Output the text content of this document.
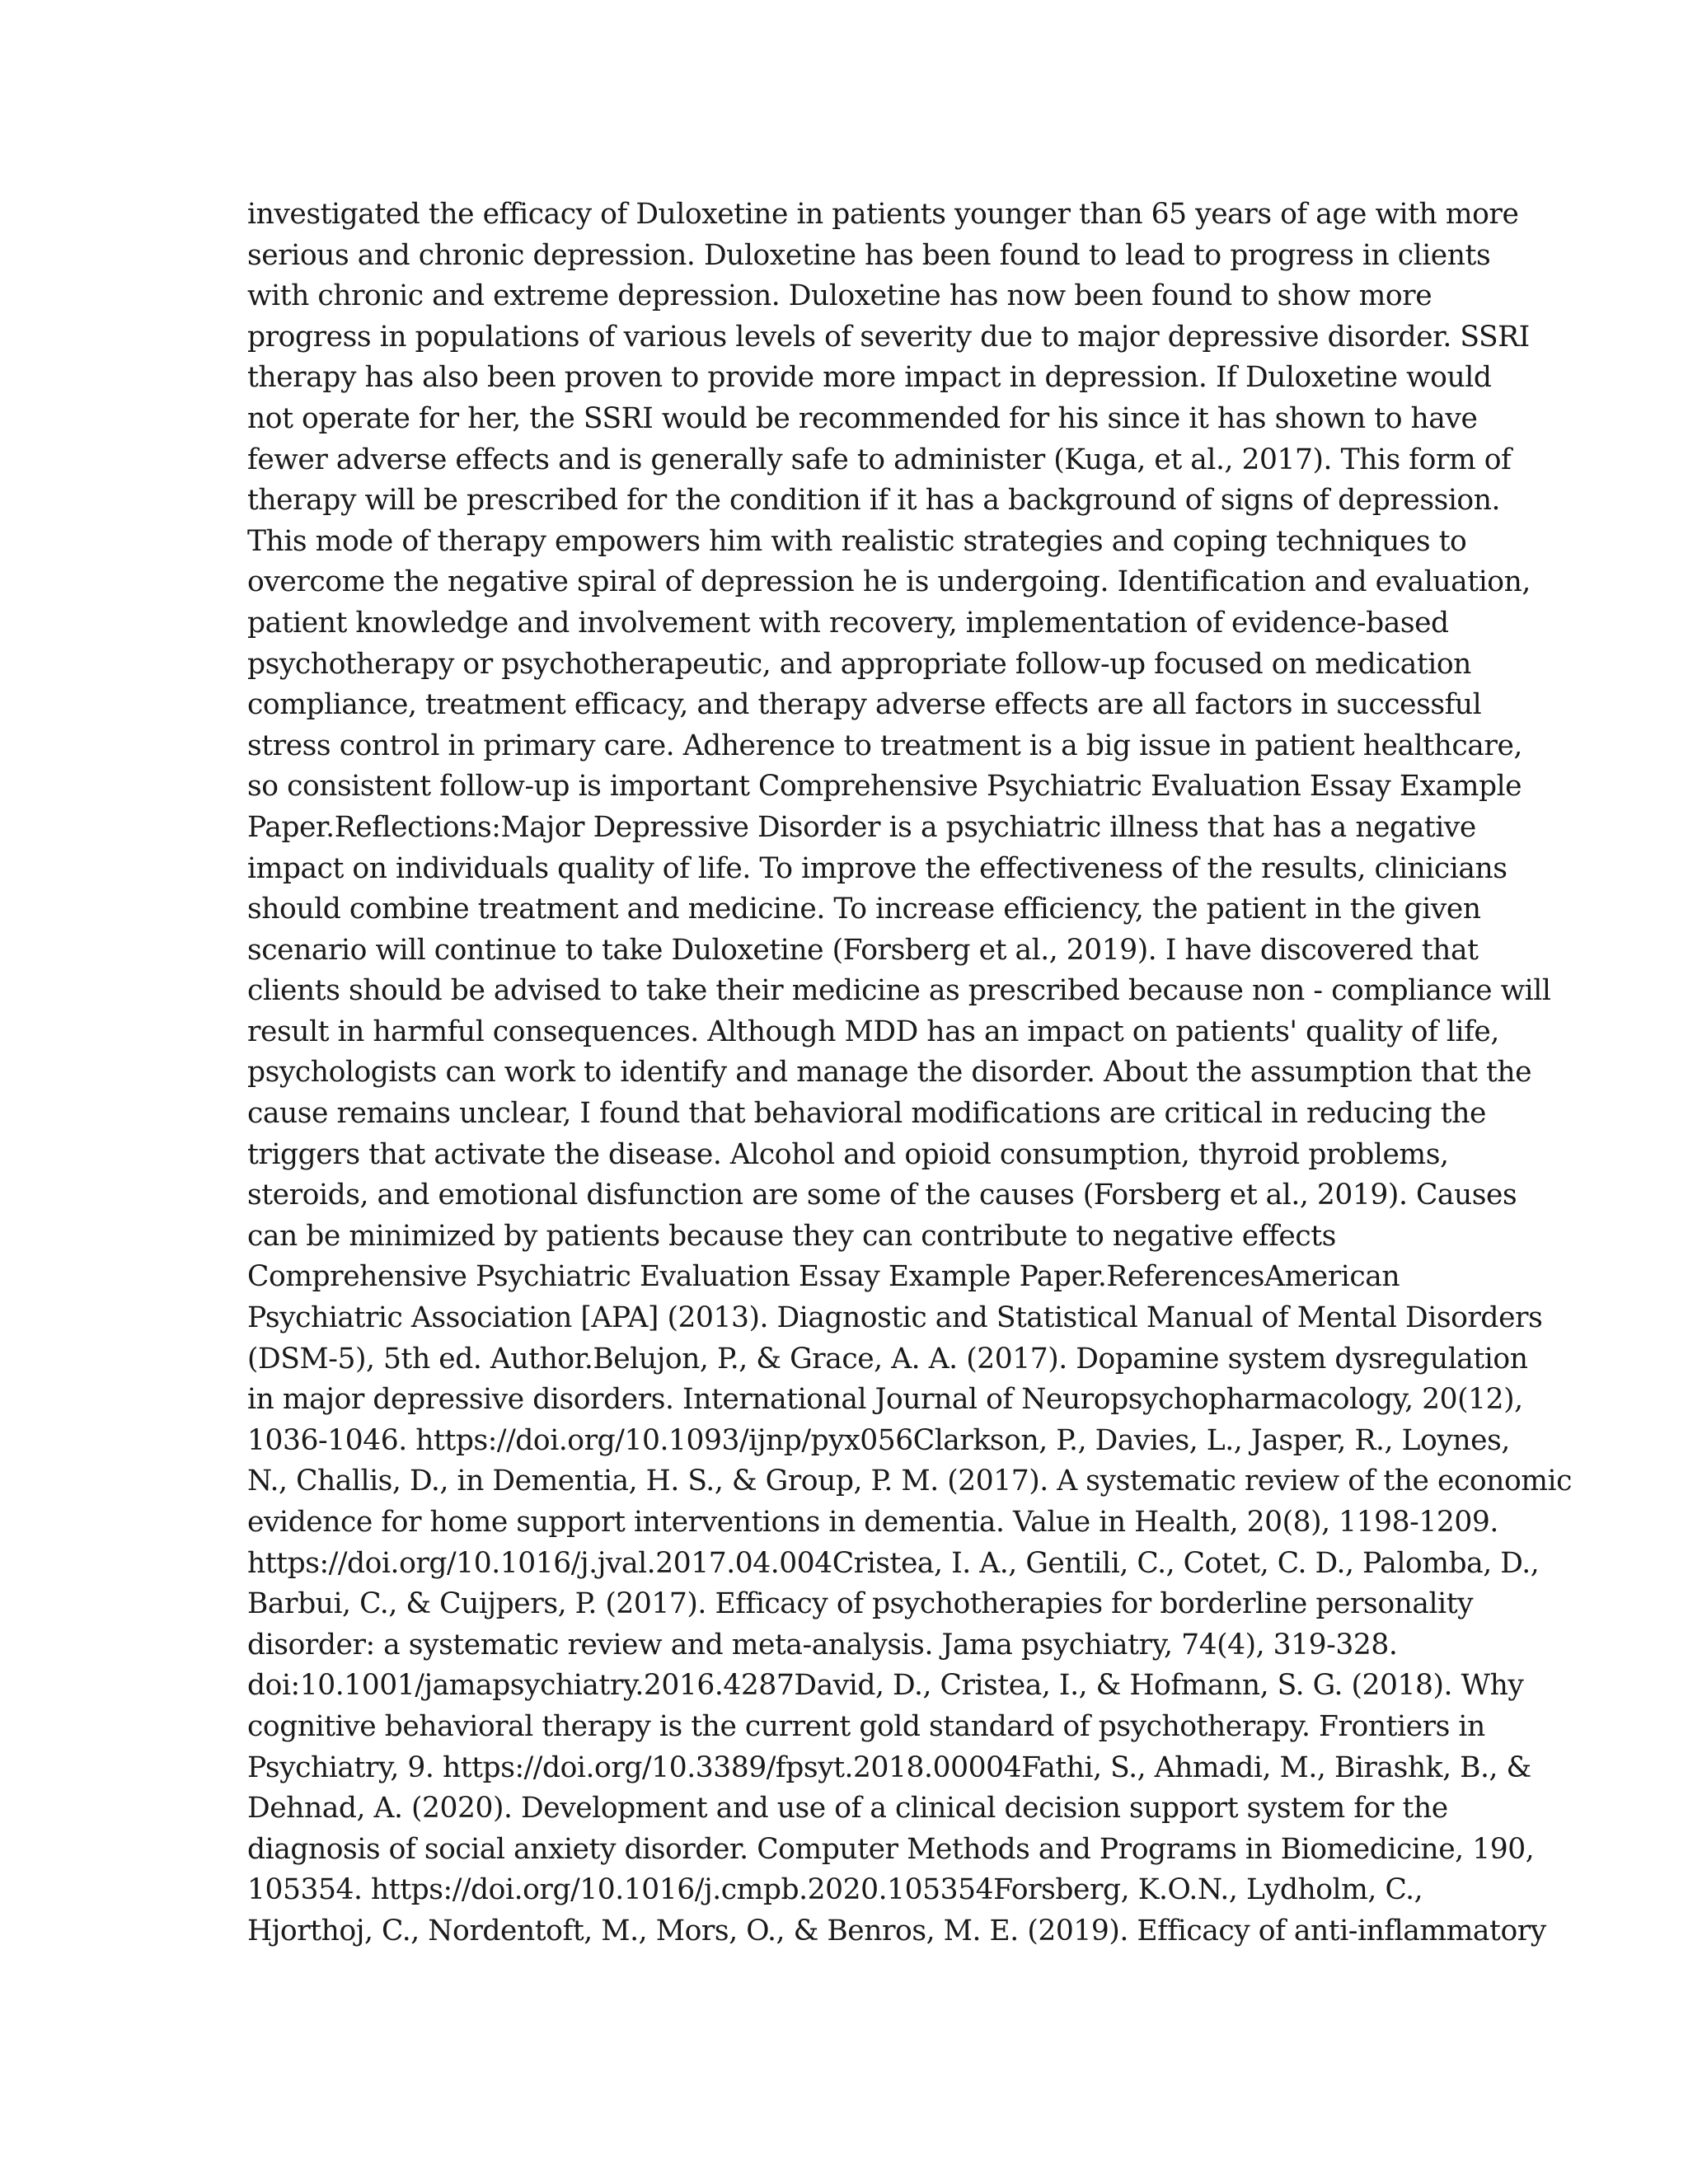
investigated the efficacy of Duloxetine in patients younger than 65 years of age with more
serious and chronic depression. Duloxetine has been found to lead to progress in clients
with chronic and extreme depression. Duloxetine has now been found to show more
progress in populations of various levels of severity due to major depressive disorder. SSRI
therapy has also been proven to provide more impact in depression. If Duloxetine would
not operate for her, the SSRI would be recommended for his since it has shown to have
fewer adverse effects and is generally safe to administer (Kuga, et al., 2017). This form of
therapy will be prescribed for the condition if it has a background of signs of depression.
This mode of therapy empowers him with realistic strategies and coping techniques to
overcome the negative spiral of depression he is undergoing. Identification and evaluation,
patient knowledge and involvement with recovery, implementation of evidence-based
psychotherapy or psychotherapeutic, and appropriate follow-up focused on medication
compliance, treatment efficacy, and therapy adverse effects are all factors in successful
stress control in primary care. Adherence to treatment is a big issue in patient healthcare,
so consistent follow-up is important Comprehensive Psychiatric Evaluation Essay Example
Paper.Reflections:Major Depressive Disorder is a psychiatric illness that has a negative
impact on individuals quality of life. To improve the effectiveness of the results, clinicians
should combine treatment and medicine. To increase efficiency, the patient in the given
scenario will continue to take Duloxetine (Forsberg et al., 2019). I have discovered that
clients should be advised to take their medicine as prescribed because non - compliance will
result in harmful consequences. Although MDD has an impact on patients' quality of life,
psychologists can work to identify and manage the disorder. About the assumption that the
cause remains unclear, I found that behavioral modifications are critical in reducing the
triggers that activate the disease. Alcohol and opioid consumption, thyroid problems,
steroids, and emotional disfunction are some of the causes (Forsberg et al., 2019). Causes
can be minimized by patients because they can contribute to negative effects
Comprehensive Psychiatric Evaluation Essay Example Paper.ReferencesAmerican
Psychiatric Association [APA] (2013). Diagnostic and Statistical Manual of Mental Disorders
(DSM-5), 5th ed. Author.Belujon, P., & Grace, A. A. (2017). Dopamine system dysregulation
in major depressive disorders. International Journal of Neuropsychopharmacology, 20(12),
1036-1046. https://doi.org/10.1093/ijnp/pyx056Clarkson, P., Davies, L., Jasper, R., Loynes,
N., Challis, D., in Dementia, H. S., & Group, P. M. (2017). A systematic review of the economic
evidence for home support interventions in dementia. Value in Health, 20(8), 1198-1209.
https://doi.org/10.1016/j.jval.2017.04.004Cristea, I. A., Gentili, C., Cotet, C. D., Palomba, D.,
Barbui, C., & Cuijpers, P. (2017). Efficacy of psychotherapies for borderline personality
disorder: a systematic review and meta-analysis. Jama psychiatry, 74(4), 319-328.
doi:10.1001/jamapsychiatry.2016.4287David, D., Cristea, I., & Hofmann, S. G. (2018). Why
cognitive behavioral therapy is the current gold standard of psychotherapy. Frontiers in
Psychiatry, 9. https://doi.org/10.3389/fpsyt.2018.00004Fathi, S., Ahmadi, M., Birashk, B., &
Dehnad, A. (2020). Development and use of a clinical decision support system for the
diagnosis of social anxiety disorder. Computer Methods and Programs in Biomedicine, 190,
105354. https://doi.org/10.1016/j.cmpb.2020.105354Forsberg, K.O.N., Lydholm, C.,
Hjorthoj, C., Nordentoft, M., Mors, O., & Benros, M. E. (2019). Efficacy of anti-inflammatory
